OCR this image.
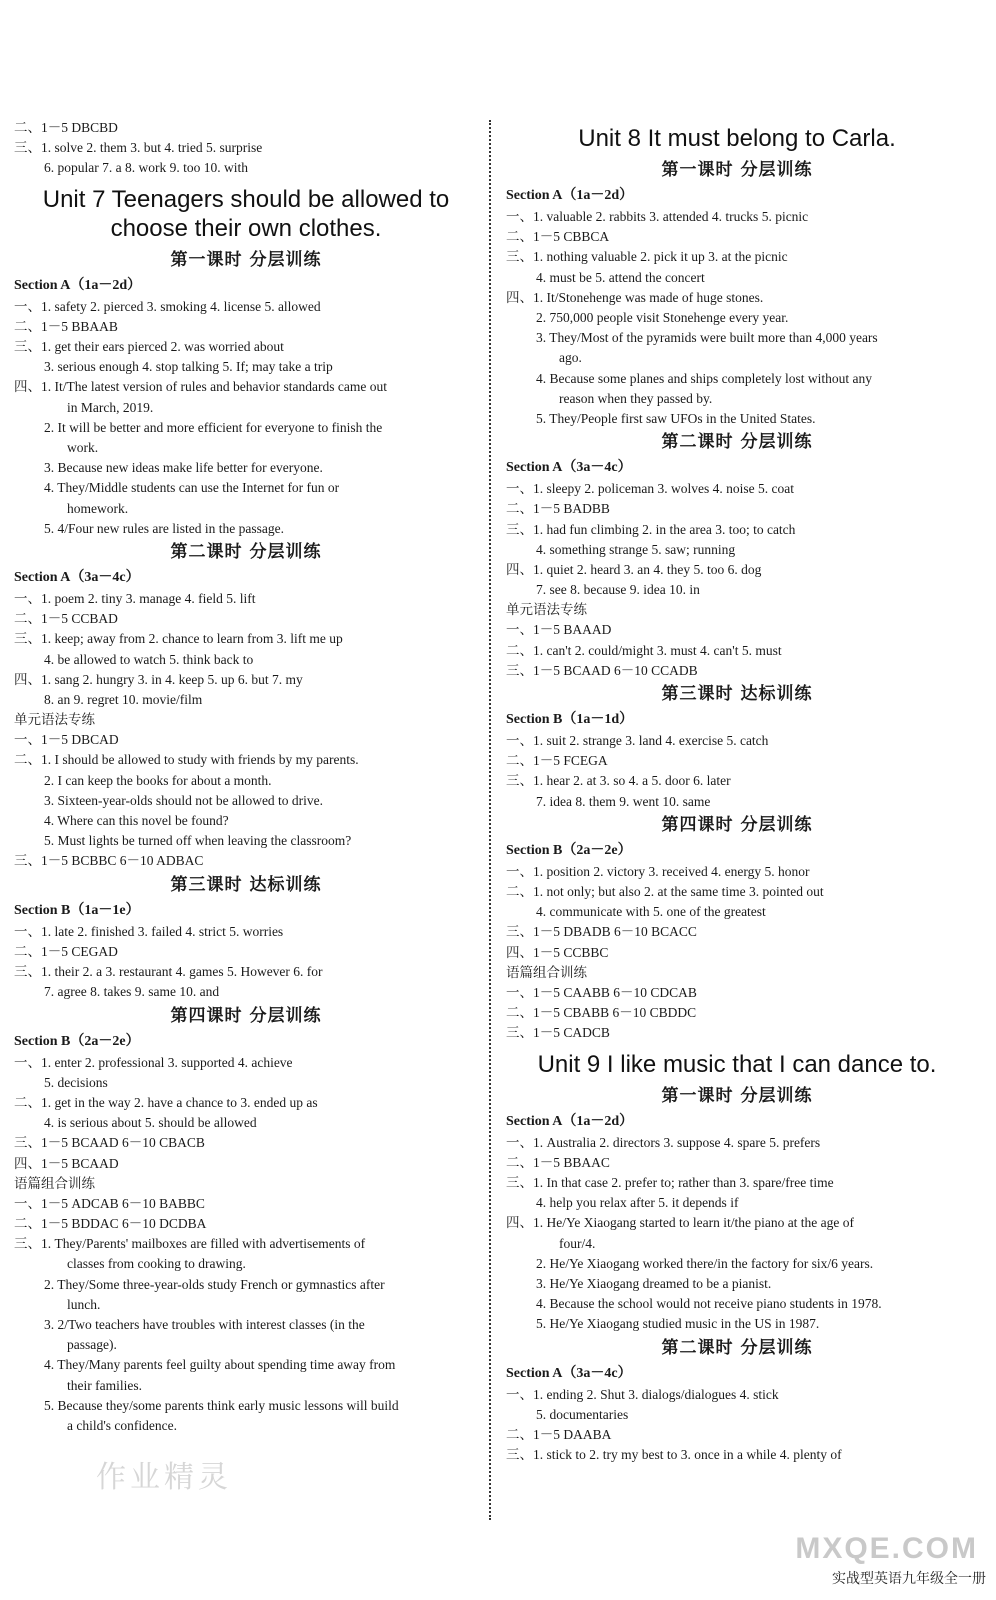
二、1－5 DBCBD
三、1. solve 2. them 3. but 4. tried 5. surprise
6. popular 7. a 8. work 9. too 10. with
Unit 7 Teenagers should be allowed to choose their own clothes.
第一课时 分层训练
Section A（1a－2d）
一、1. safety 2. pierced 3. smoking 4. license 5. allowed
二、1－5 BBAAB
三、1. get their ears pierced 2. was worried about
3. serious enough 4. stop talking 5. If; may take a trip
四、1. It/The latest version of rules and behavior standards came out
in March, 2019.
2. It will be better and more efficient for everyone to finish the
work.
3. Because new ideas make life better for everyone.
4. They/Middle students can use the Internet for fun or
homework.
5. 4/Four new rules are listed in the passage.
第二课时 分层训练
Section A（3a－4c）
一、1. poem 2. tiny 3. manage 4. field 5. lift
二、1－5 CCBAD
三、1. keep; away from 2. chance to learn from 3. lift me up
4. be allowed to watch 5. think back to
四、1. sang 2. hungry 3. in 4. keep 5. up 6. but 7. my
8. an 9. regret 10. movie/film
单元语法专练
一、1－5 DBCAD
二、1. I should be allowed to study with friends by my parents.
2. I can keep the books for about a month.
3. Sixteen-year-olds should not be allowed to drive.
4. Where can this novel be found?
5. Must lights be turned off when leaving the classroom?
三、1－5 BCBBC 6－10 ADBAC
第三课时 达标训练
Section B（1a－1e）
一、1. late 2. finished 3. failed 4. strict 5. worries
二、1－5 CEGAD
三、1. their 2. a 3. restaurant 4. games 5. However 6. for
7. agree 8. takes 9. same 10. and
第四课时 分层训练
Section B（2a－2e）
一、1. enter 2. professional 3. supported 4. achieve
5. decisions
二、1. get in the way 2. have a chance to 3. ended up as
4. is serious about 5. should be allowed
三、1－5 BCAAD 6－10 CBACB
四、1－5 BCAAD
语篇组合训练
一、1－5 ADCAB 6－10 BABBC
二、1－5 BDDAC 6－10 DCDBA
三、1. They/Parents' mailboxes are filled with advertisements of
classes from cooking to drawing.
2. They/Some three-year-olds study French or gymnastics after
lunch.
3. 2/Two teachers have troubles with interest classes (in the
passage).
4. They/Many parents feel guilty about spending time away from
their families.
5. Because they/some parents think early music lessons will build
a child's confidence.
Unit 8 It must belong to Carla.
第一课时 分层训练
Section A（1a－2d）
一、1. valuable 2. rabbits 3. attended 4. trucks 5. picnic
二、1－5 CBBCA
三、1. nothing valuable 2. pick it up 3. at the picnic
4. must be 5. attend the concert
四、1. It/Stonehenge was made of huge stones.
2. 750,000 people visit Stonehenge every year.
3. They/Most of the pyramids were built more than 4,000 years
ago.
4. Because some planes and ships completely lost without any
reason when they passed by.
5. They/People first saw UFOs in the United States.
第二课时 分层训练
Section A（3a－4c）
一、1. sleepy 2. policeman 3. wolves 4. noise 5. coat
二、1－5 BADBB
三、1. had fun climbing 2. in the area 3. too; to catch
4. something strange 5. saw; running
四、1. quiet 2. heard 3. an 4. they 5. too 6. dog
7. see 8. because 9. idea 10. in
单元语法专练
一、1－5 BAAAD
二、1. can't 2. could/might 3. must 4. can't 5. must
三、1－5 BCAAD 6－10 CCADB
第三课时 达标训练
Section B（1a－1d）
一、1. suit 2. strange 3. land 4. exercise 5. catch
二、1－5 FCEGA
三、1. hear 2. at 3. so 4. a 5. door 6. later
7. idea 8. them 9. went 10. same
第四课时 分层训练
Section B（2a－2e）
一、1. position 2. victory 3. received 4. energy 5. honor
二、1. not only; but also 2. at the same time 3. pointed out
4. communicate with 5. one of the greatest
三、1－5 DBADB 6－10 BCACC
四、1－5 CCBBC
语篇组合训练
一、1－5 CAABB 6－10 CDCAB
二、1－5 CBABB 6－10 CBDDC
三、1－5 CADCB
Unit 9 I like music that I can dance to.
第一课时 分层训练
Section A（1a－2d）
一、1. Australia 2. directors 3. suppose 4. spare 5. prefers
二、1－5 BBAAC
三、1. In that case 2. prefer to; rather than 3. spare/free time
4. help you relax after 5. it depends if
四、1. He/Ye Xiaogang started to learn it/the piano at the age of
four/4.
2. He/Ye Xiaogang worked there/in the factory for six/6 years.
3. He/Ye Xiaogang dreamed to be a pianist.
4. Because the school would not receive piano students in 1978.
5. He/Ye Xiaogang studied music in the US in 1987.
第二课时 分层训练
Section A（3a－4c）
一、1. ending 2. Shut 3. dialogs/dialogues 4. stick
5. documentaries
二、1－5 DAABA
三、1. stick to 2. try my best to 3. once in a while 4. plenty of
作业精灵
MXQE.COM
实战型英语九年级全一册
